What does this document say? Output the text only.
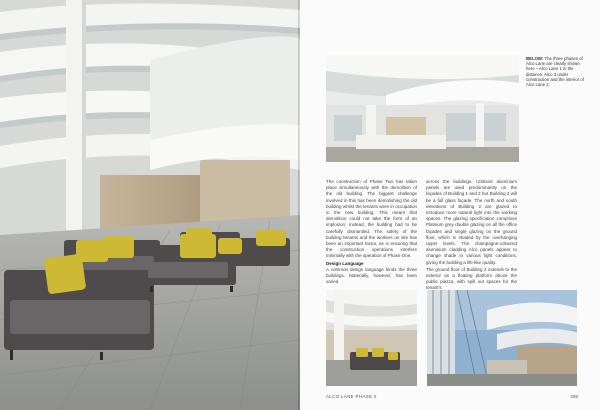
BELOW: The three phases of Alco Lane are clearly shown here – Alco Lane 1 in the distance, Alco 3 under construction and the interior of Alco Lane 2.

The construction of Phase Two has taken place simultaneously with the demolition of the old building. The biggest challenge involved in this has been demolishing the old building whilst the tenants were in occupation in the new building. This meant that demolition could not take the form of an implosion; instead, the building had to be carefully dismantled. The safety of the building tenants and the workers on site has been an important factor, as is ensuring that the construction operations interfere minimally with the operation of Phase One.

Design Language

A common design language binds the three buildings. Materially, however, has been varied

across the buildings. Unitised aluminium panels are used predominantly on the façades of Building 1 and 2 but Building 3 will be a full glass façade. The north and south elevations of Building 2 are glazed to introduce more natural light into the working spaces. The glazing specification comprises Platinum grey double glazing on all the office façades and single glazing on the ground floor, which is shaded by the overhanging upper levels. The champagne-coloured aluminium cladding Alco panels appear to change shade in various light conditions, giving the building a life-like quality.

The ground floor of Building 2 extends to the exterior as a floating platform above the public piazza, with spill out spaces for the tenant's

ALCO LANE PHASE 2	295
